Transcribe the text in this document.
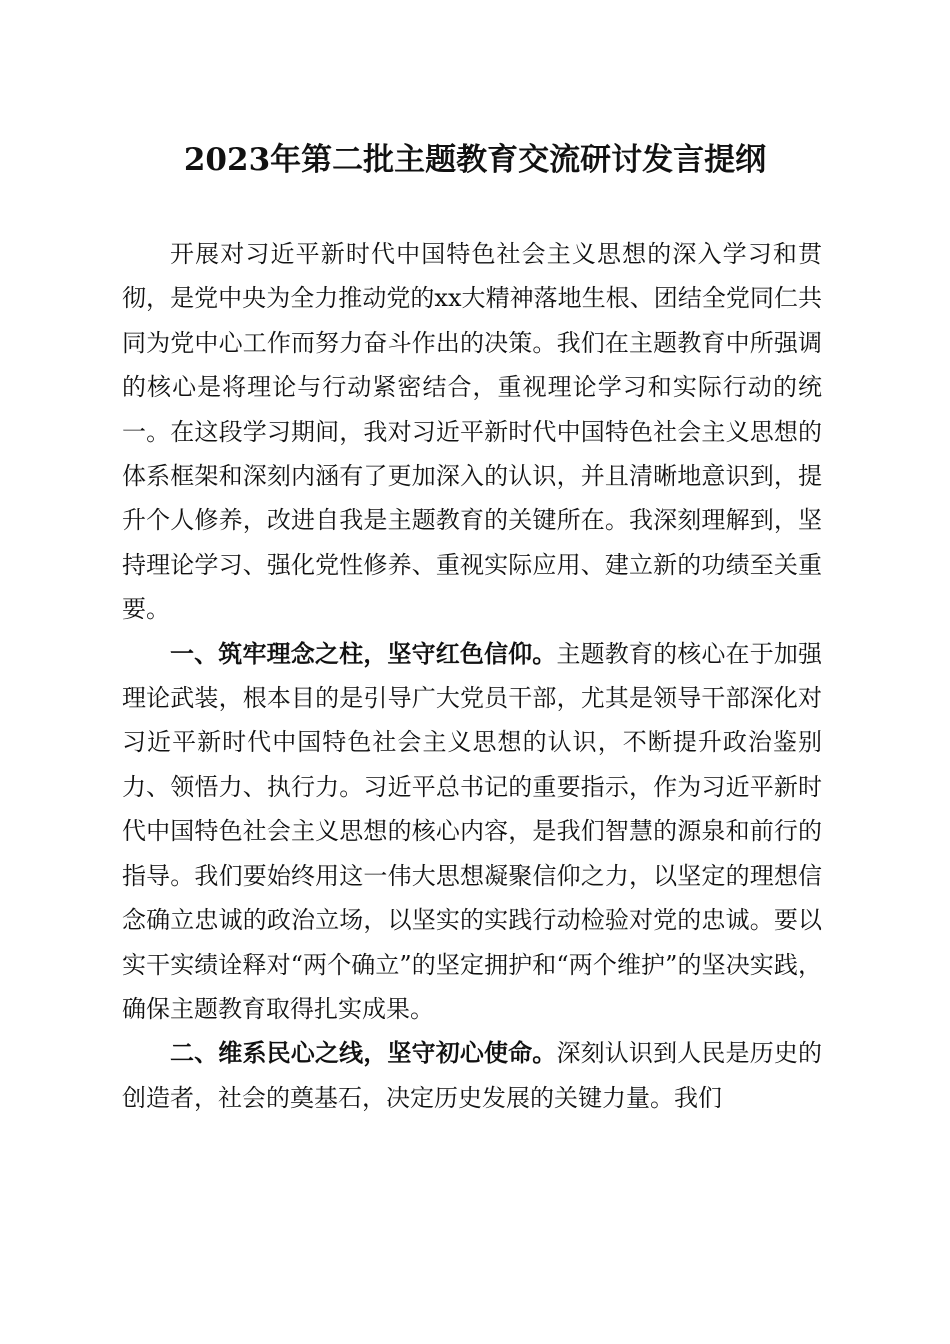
2023年第二批主题教育交流研讨发言提纲

开展对习近平新时代中国特色社会主义思想的深入学习和贯彻，是党中央为全力推动党的xx大精神落地生根、团结全党同仁共同为党中心工作而努力奋斗作出的决策。我们在主题教育中所强调的核心是将理论与行动紧密结合，重视理论学习和实际行动的统一。在这段学习期间，我对习近平新时代中国特色社会主义思想的体系框架和深刻内涵有了更加深入的认识，并且清晰地意识到，提升个人修养，改进自我是主题教育的关键所在。我深刻理解到，坚持理论学习、强化党性修养、重视实际应用、建立新的功绩至关重要。

一、筑牢理念之柱，坚守红色信仰。主题教育的核心在于加强理论武装，根本目的是引导广大党员干部，尤其是领导干部深化对习近平新时代中国特色社会主义思想的认识，不断提升政治鉴别力、领悟力、执行力。习近平总书记的重要指示，作为习近平新时代中国特色社会主义思想的核心内容，是我们智慧的源泉和前行的指导。我们要始终用这一伟大思想凝聚信仰之力，以坚定的理想信念确立忠诚的政治立场，以坚实的实践行动检验对党的忠诚。要以实干实绩诠释对“两个确立”的坚定拥护和“两个维护”的坚决实践，确保主题教育取得扎实成果。

二、维系民心之线，坚守初心使命。深刻认识到人民是历史的创造者，社会的奠基石，决定历史发展的关键力量。我们
